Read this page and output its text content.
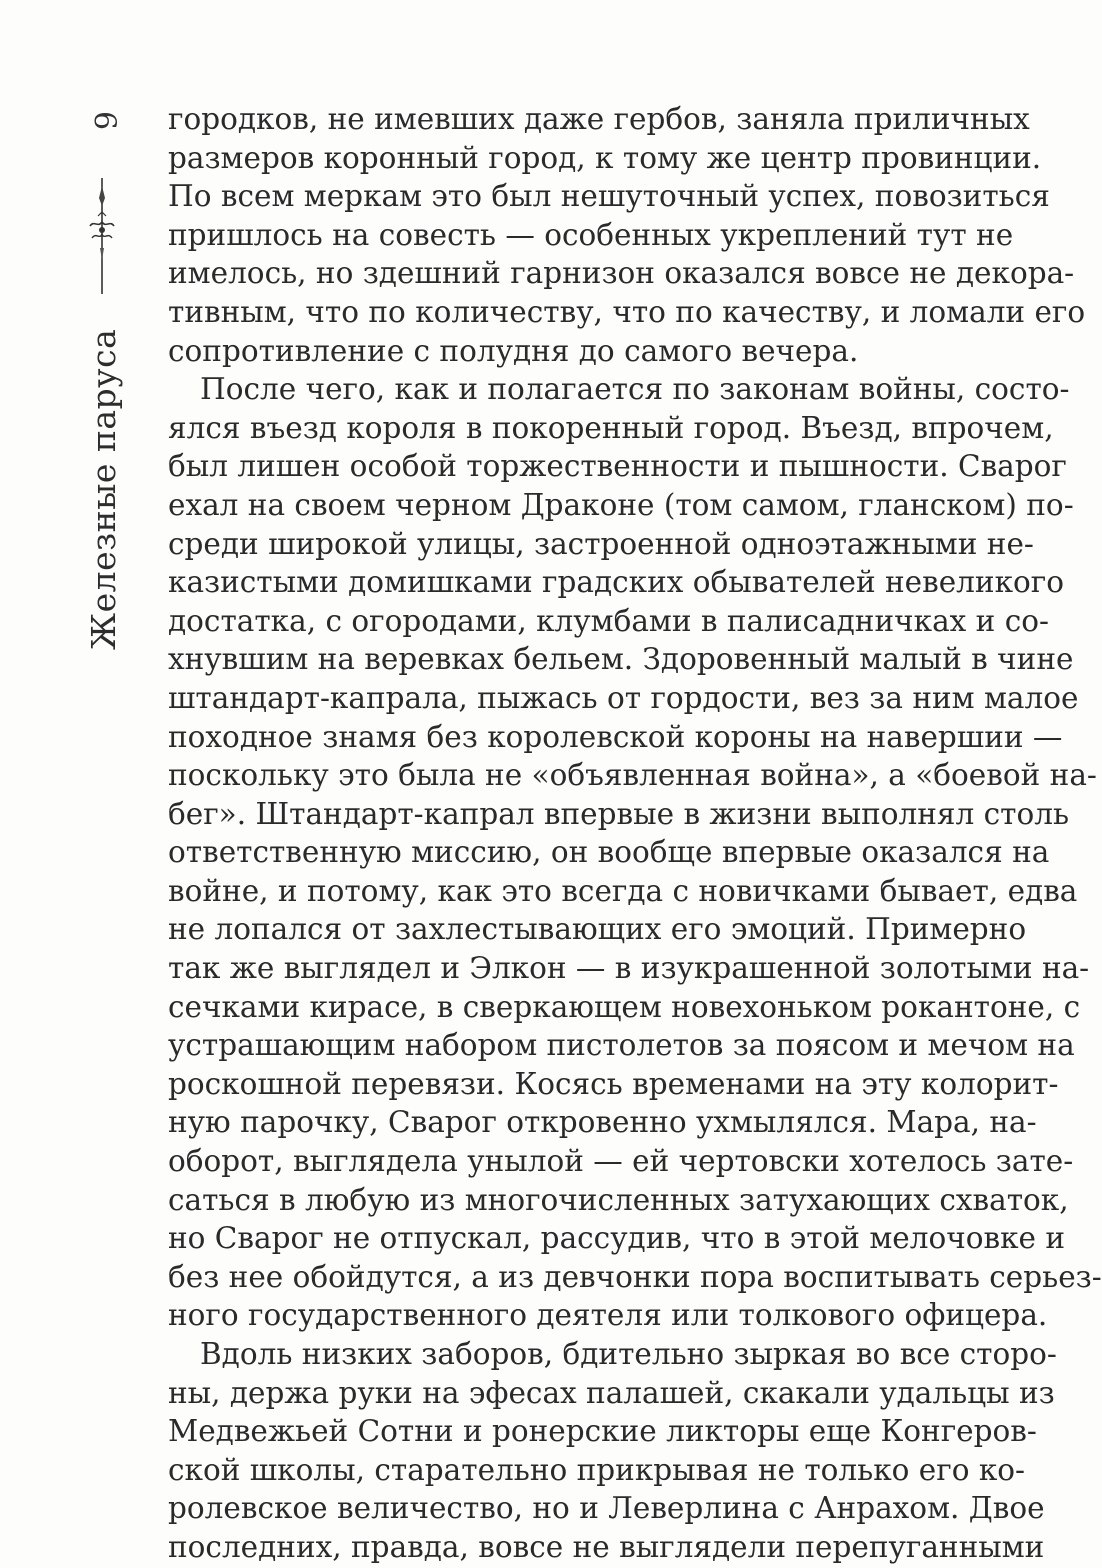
6
Железные паруса
городков, не имевших даже гербов, заняла приличных
размеров коронный город, к тому же центр провинции.
По всем меркам это был нешуточный успех, повозиться
пришлось на совесть — особенных укреплений тут не
имелось, но здешний гарнизон оказался вовсе не декора-
тивным, что по количеству, что по качеству, и ломали его
сопротивление с полудня до самого вечера.
После чего, как и полагается по законам войны, состо-
ялся въезд короля в покоренный город. Въезд, впрочем,
был лишен особой торжественности и пышности. Сварог
ехал на своем черном Драконе (том самом, гланском) по-
среди широкой улицы, застроенной одноэтажными не-
казистыми домишками градских обывателей невеликого
достатка, с огородами, клумбами в палисадничках и со-
хнувшим на веревках бельем. Здоровенный малый в чине
штандарт-капрала, пыжась от гордости, вез за ним малое
походное знамя без королевской короны на навершии —
поскольку это была не «объявленная война», а «боевой на-
бег». Штандарт-капрал впервые в жизни выполнял столь
ответственную миссию, он вообще впервые оказался на
войне, и потому, как это всегда с новичками бывает, едва
не лопался от захлестывающих его эмоций. Примерно
так же выглядел и Элкон — в изукрашенной золотыми на-
сечками кирасе, в сверкающем новехоньком рокантоне, с
устрашающим набором пистолетов за поясом и мечом на
роскошной перевязи. Косясь временами на эту колорит-
ную парочку, Сварог откровенно ухмылялся. Мара, на-
оборот, выглядела унылой — ей чертовски хотелось зате-
саться в любую из многочисленных затухающих схваток,
но Сварог не отпускал, рассудив, что в этой мелочовке и
без нее обойдутся, а из девчонки пора воспитывать серьез-
ного государственного деятеля или толкового офицера.
Вдоль низких заборов, бдительно зыркая во все сторо-
ны, держа руки на эфесах палашей, скакали удальцы из
Медвежьей Сотни и ронерские ликторы еще Конгеров-
ской школы, старательно прикрывая не только его ко-
ролевское величество, но и Леверлина с Анрахом. Двое
последних, правда, вовсе не выглядели перепуганными
